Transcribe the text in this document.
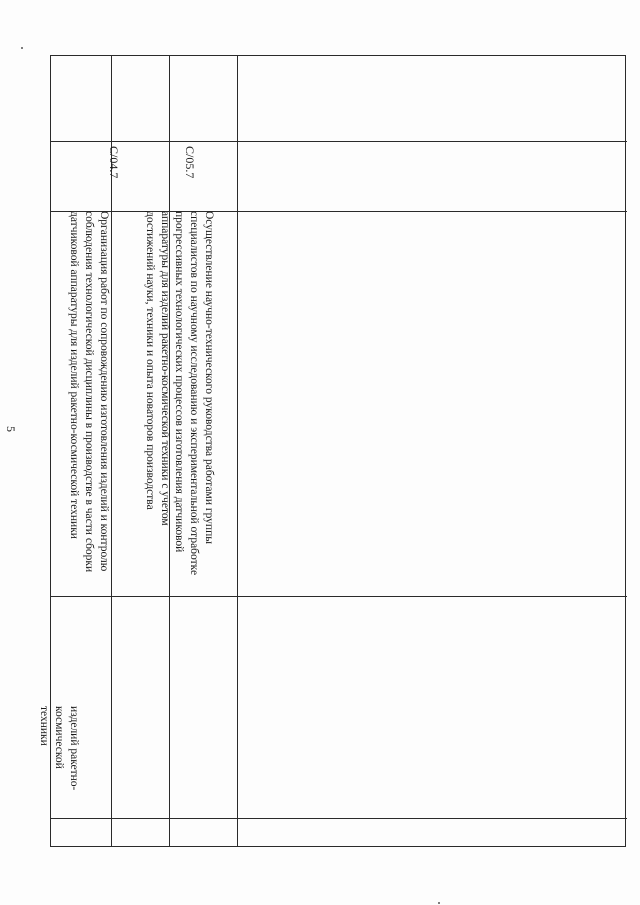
5	Организация работ по сопровождению изготовления изделий и контролю соблюдения технологической дисциплины в производстве в части сборки датчиковой аппаратуры для изделий ракетно-космической техники
C/04.7
Осуществление научно-технического руководства работами группы специалистов по научному исследованию и экспериментальной отработке прогрессивных технологических процессов изготовления датчиковой аппаратуры для изделий ракетно-космической техники с учетом достижений науки, техники и опыта новаторов производства
C/05.7
изделий ракетно-космической техники
